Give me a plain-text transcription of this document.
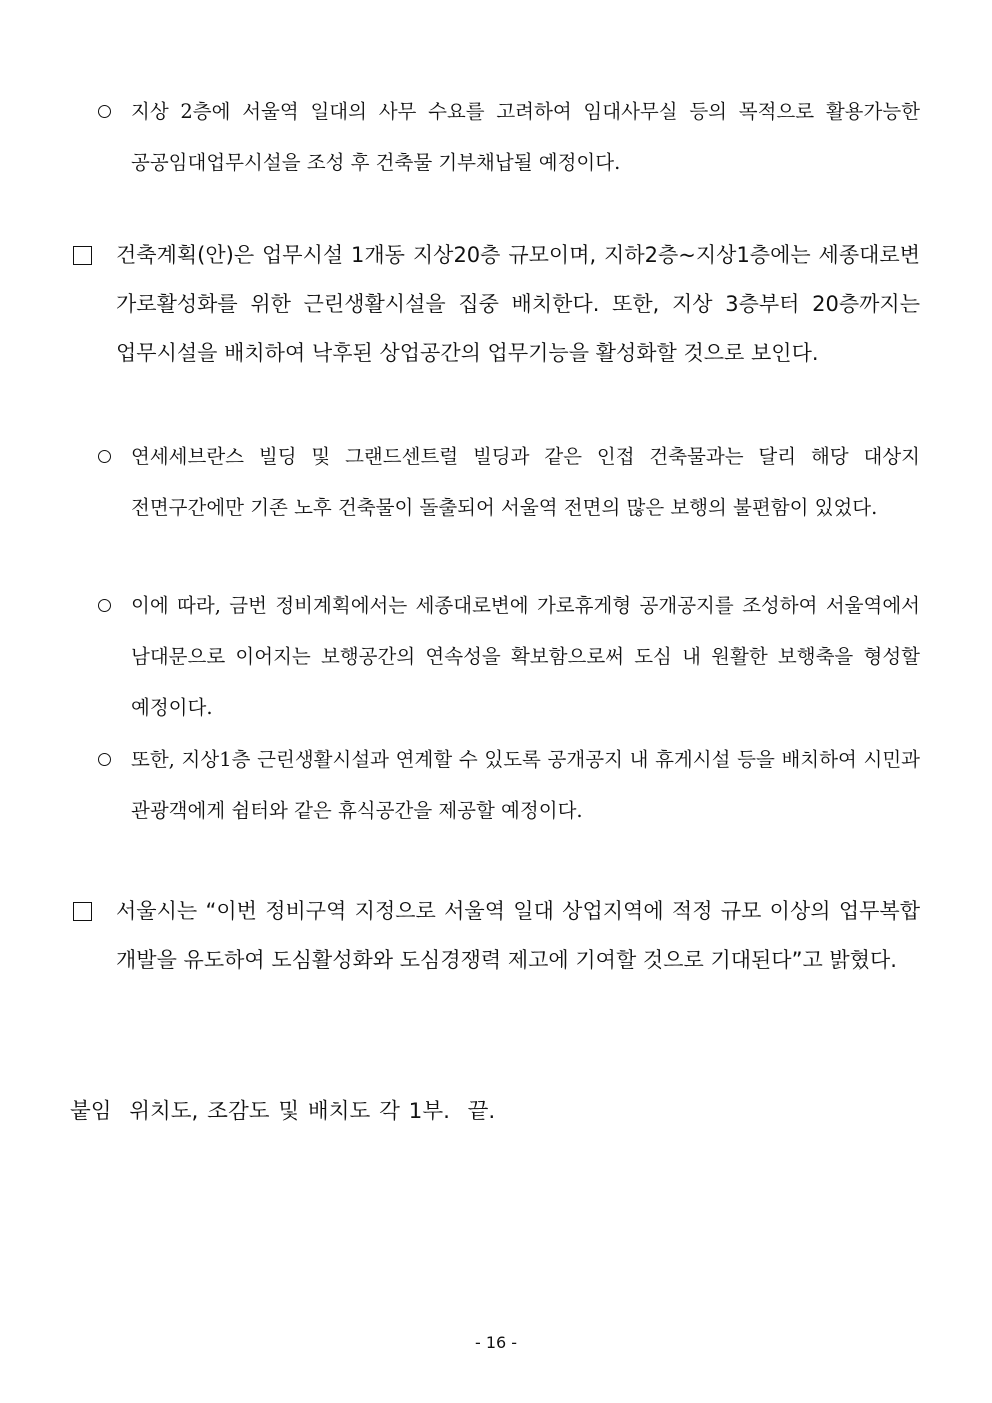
지상 2층에 서울역 일대의 사무 수요를 고려하여 임대사무실 등의 목적으로 활용가능한 공공임대업무시설을 조성 후 건축물 기부채납될 예정이다.
건축계획(안)은 업무시설 1개동 지상20층 규모이며, 지하2층~지상1층에는 세종대로변 가로활성화를 위한 근린생활시설을 집중 배치한다. 또한, 지상 3층부터 20층까지는 업무시설을 배치하여 낙후된 상업공간의 업무기능을 활성화할 것으로 보인다.
연세세브란스 빌딩 및 그랜드센트럴 빌딩과 같은 인접 건축물과는 달리 해당 대상지 전면구간에만 기존 노후 건축물이 돌출되어 서울역 전면의 많은 보행의 불편함이 있었다.
이에 따라, 금번 정비계획에서는 세종대로변에 가로휴게형 공개공지를 조성하여 서울역에서 남대문으로 이어지는 보행공간의 연속성을 확보함으로써 도심 내 원활한 보행축을 형성할 예정이다.
또한, 지상1층 근린생활시설과 연계할 수 있도록 공개공지 내 휴게시설 등을 배치하여 시민과 관광객에게 쉼터와 같은 휴식공간을 제공할 예정이다.
서울시는 “이번 정비구역 지정으로 서울역 일대 상업지역에 적정 규모 이상의 업무복합 개발을 유도하여 도심활성화와 도심경쟁력 제고에 기여할 것으로 기대된다”고 밝혔다.
붙임  위치도, 조감도 및 배치도 각 1부.  끝.
- 16 -
